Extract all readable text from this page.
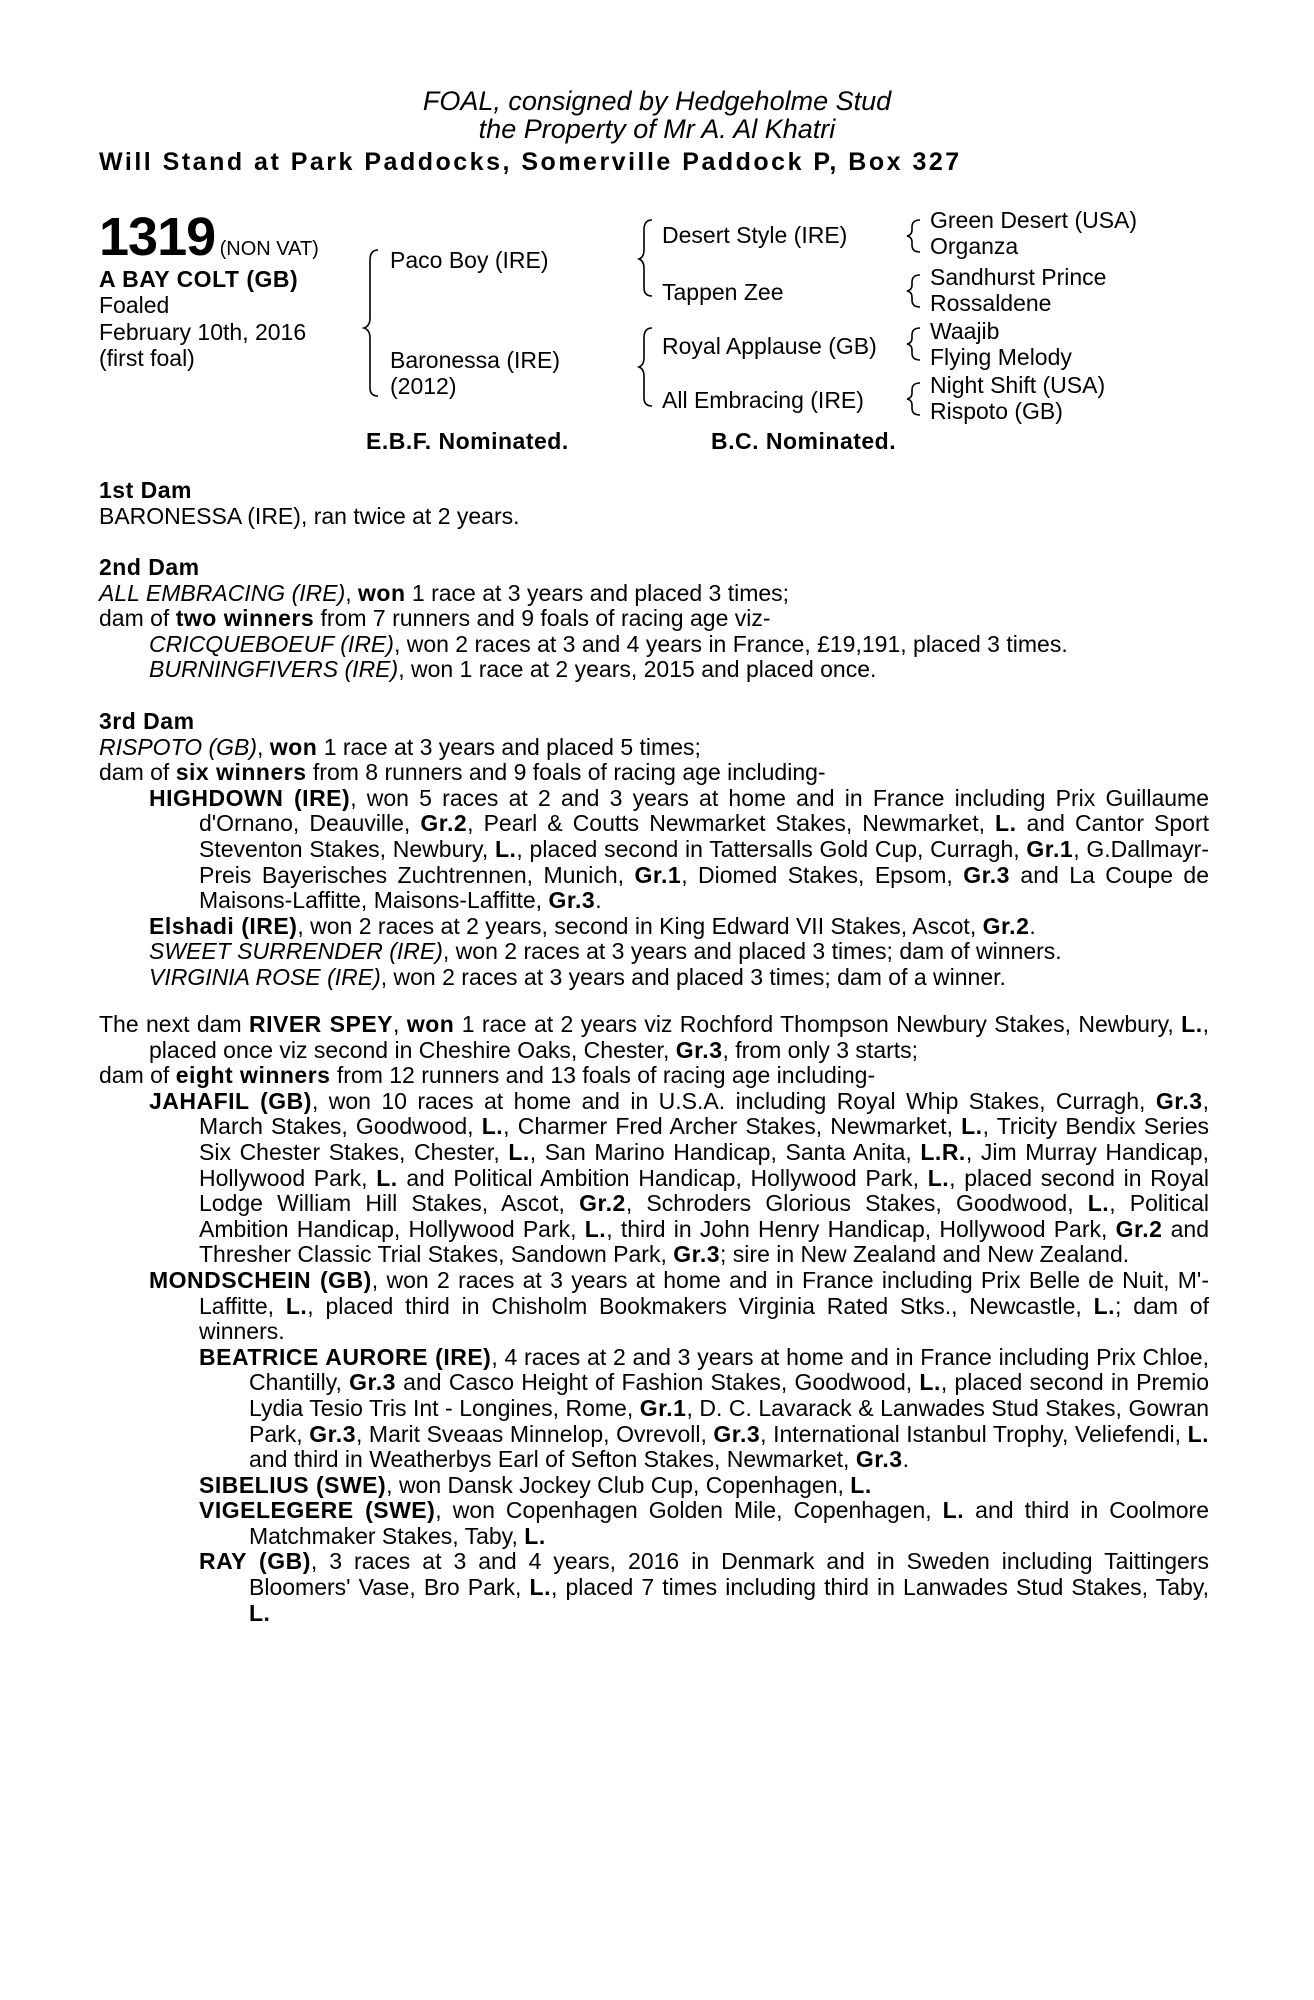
FOAL, consigned by Hedgeholme Stud
the Property of Mr A. Al Khatri
Will Stand at Park Paddocks, Somerville Paddock P, Box 327
1319 (NON VAT)
A BAY COLT (GB)
Foaled
February 10th, 2016
(first foal)
Paco Boy (IRE)
Baronessa (IRE)
(2012)
Desert Style (IRE)
Tappen Zee
Royal Applause (GB)
All Embracing (IRE)
Green Desert (USA)
Organza
Sandhurst Prince
Rossaldene
Waajib
Flying Melody
Night Shift (USA)
Rispoto (GB)
E.B.F. Nominated.	B.C. Nominated.

1st Dam

BARONESSA (IRE), ran twice at 2 years.

2nd Dam

ALL EMBRACING (IRE), won 1 race at 3 years and placed 3 times;

dam of two winners from 7 runners and 9 foals of racing age viz-

CRICQUEBOEUF (IRE), won 2 races at 3 and 4 years in France, £19,191, placed 3 times.

BURNINGFIVERS (IRE), won 1 race at 2 years, 2015 and placed once.

3rd Dam

RISPOTO (GB), won 1 race at 3 years and placed 5 times;

dam of six winners from 8 runners and 9 foals of racing age including-

HIGHDOWN (IRE), won 5 races at 2 and 3 years at home and in France including Prix Guillaume d'Ornano, Deauville, Gr.2, Pearl & Coutts Newmarket Stakes, Newmarket, L. and Cantor Sport Steventon Stakes, Newbury, L., placed second in Tattersalls Gold Cup, Curragh, Gr.1, G.Dallmayr-Preis Bayerisches Zuchtrennen, Munich, Gr.1, Diomed Stakes, Epsom, Gr.3 and La Coupe de Maisons-Laffitte, Maisons-Laffitte, Gr.3.

Elshadi (IRE), won 2 races at 2 years, second in King Edward VII Stakes, Ascot, Gr.2.

SWEET SURRENDER (IRE), won 2 races at 3 years and placed 3 times; dam of winners.

VIRGINIA ROSE (IRE), won 2 races at 3 years and placed 3 times; dam of a winner.

The next dam RIVER SPEY, won 1 race at 2 years viz Rochford Thompson Newbury Stakes, Newbury, L., placed once viz second in Cheshire Oaks, Chester, Gr.3, from only 3 starts;

dam of eight winners from 12 runners and 13 foals of racing age including-

JAHAFIL (GB), won 10 races at home and in U.S.A. including Royal Whip Stakes, Curragh, Gr.3, March Stakes, Goodwood, L., Charmer Fred Archer Stakes, Newmarket, L., Tricity Bendix Series Six Chester Stakes, Chester, L., San Marino Handicap, Santa Anita, L.R., Jim Murray Handicap, Hollywood Park, L. and Political Ambition Handicap, Hollywood Park, L., placed second in Royal Lodge William Hill Stakes, Ascot, Gr.2, Schroders Glorious Stakes, Goodwood, L., Political Ambition Handicap, Hollywood Park, L., third in John Henry Handicap, Hollywood Park, Gr.2 and Thresher Classic Trial Stakes, Sandown Park, Gr.3; sire in New Zealand and New Zealand.

MONDSCHEIN (GB), won 2 races at 3 years at home and in France including Prix Belle de Nuit, M'-Laffitte, L., placed third in Chisholm Bookmakers Virginia Rated Stks., Newcastle, L.; dam of winners.

BEATRICE AURORE (IRE), 4 races at 2 and 3 years at home and in France including Prix Chloe, Chantilly, Gr.3 and Casco Height of Fashion Stakes, Goodwood, L., placed second in Premio Lydia Tesio Tris Int - Longines, Rome, Gr.1, D. C. Lavarack & Lanwades Stud Stakes, Gowran Park, Gr.3, Marit Sveaas Minnelop, Ovrevoll, Gr.3, International Istanbul Trophy, Veliefendi, L. and third in Weatherbys Earl of Sefton Stakes, Newmarket, Gr.3.

SIBELIUS (SWE), won Dansk Jockey Club Cup, Copenhagen, L.

VIGELEGERE (SWE), won Copenhagen Golden Mile, Copenhagen, L. and third in Coolmore Matchmaker Stakes, Taby, L.

RAY (GB), 3 races at 3 and 4 years, 2016 in Denmark and in Sweden including Taittingers Bloomers' Vase, Bro Park, L., placed 7 times including third in Lanwades Stud Stakes, Taby, L.
